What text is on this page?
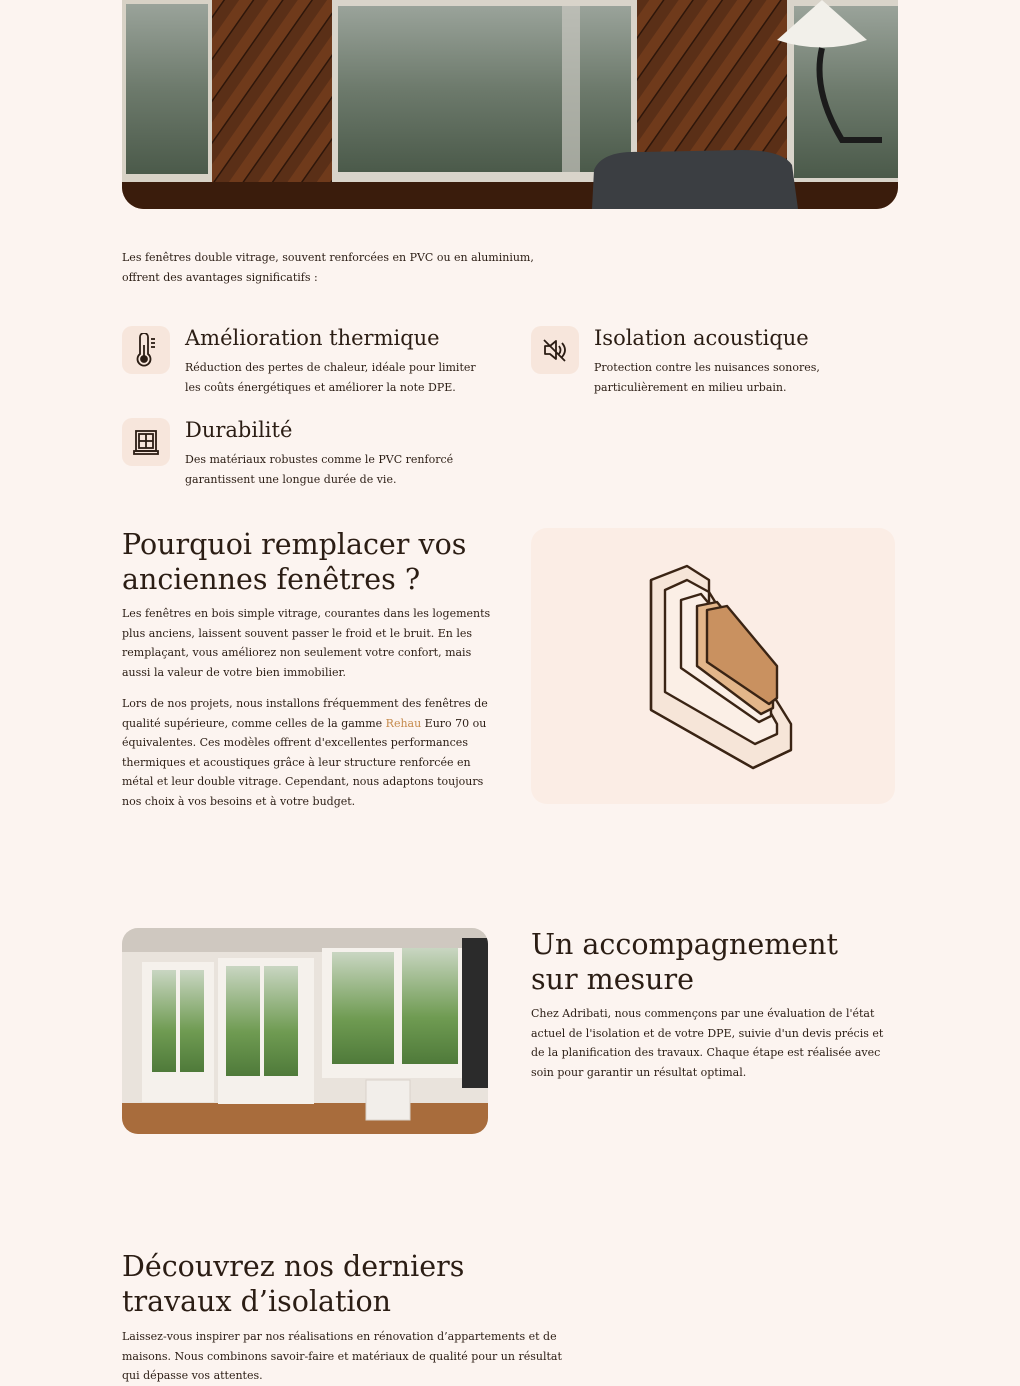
Les fenêtres double vitrage, souvent renforcées en PVC ou en aluminium, offrent des avantages significatifs :

Amélioration thermique

Réduction des pertes de chaleur, idéale pour limiter les coûts énergétiques et améliorer la note DPE.

Isolation acoustique

Protection contre les nuisances sonores, particulièrement en milieu urbain.

Durabilité

Des matériaux robustes comme le PVC renforcé garantissent une longue durée de vie.

Pourquoi remplacer vos anciennes fenêtres ?

Les fenêtres en bois simple vitrage, courantes dans les logements plus anciens, laissent souvent passer le froid et le bruit. En les remplaçant, vous améliorez non seulement votre confort, mais aussi la valeur de votre bien immobilier.

Lors de nos projets, nous installons fréquemment des fenêtres de qualité supérieure, comme celles de la gamme Rehau Euro 70 ou équivalentes. Ces modèles offrent d'excellentes performances thermiques et acoustiques grâce à leur structure renforcée en métal et leur double vitrage. Cependant, nous adaptons toujours nos choix à vos besoins et à votre budget.

Un accompagnement sur mesure

Chez Adribati, nous commençons par une évaluation de l'état actuel de l'isolation et de votre DPE, suivie d'un devis précis et de la planification des travaux. Chaque étape est réalisée avec soin pour garantir un résultat optimal.

Découvrez nos derniers travaux d’isolation

Laissez-vous inspirer par nos réalisations en rénovation d’appartements et de maisons. Nous combinons savoir-faire et matériaux de qualité pour un résultat qui dépasse vos attentes.
